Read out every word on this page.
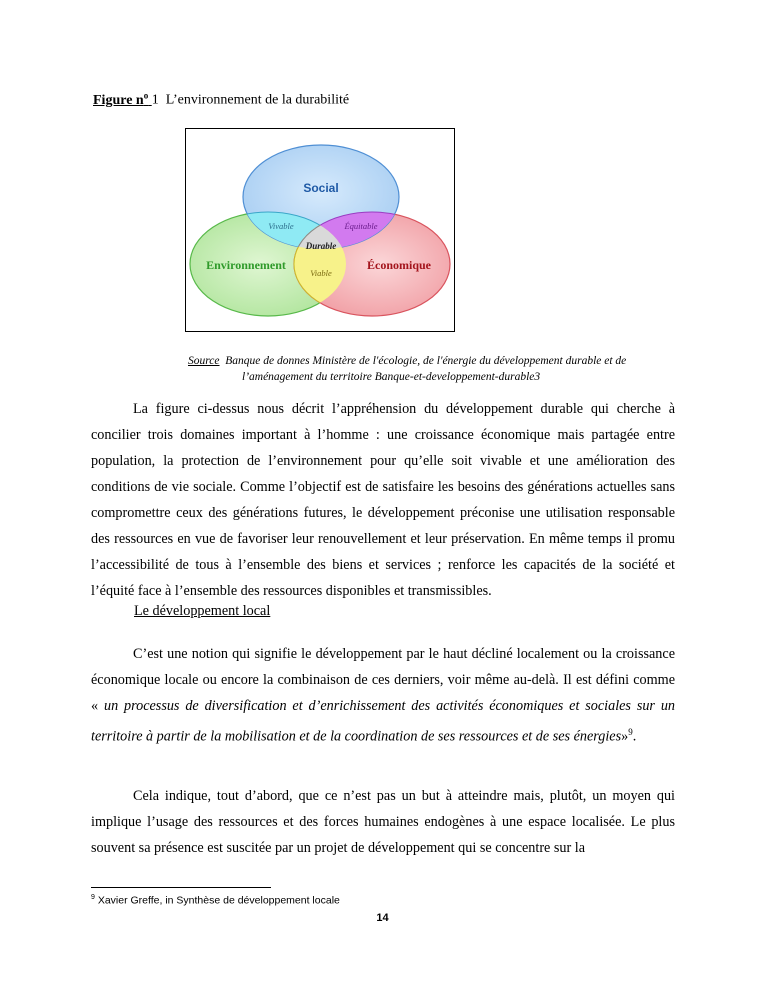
Figure $n^o$ 1 L’environnement de la durabilité
Social
Environnement	Économique
Vivable	Équitable
Viable
Durable
Source Banque de donnes Ministère de l'écologie, de l'énergie du développement durable et de
l’aménagement du territoire Banque-et-developpement-durable3

La figure ci-dessus nous décrit l’appréhension du développement durable qui cherche à concilier trois domaines important à l’homme : une croissance économique mais partagée entre population, la protection de l’environnement pour qu’elle soit vivable et une amélioration des conditions de vie sociale. Comme l’objectif est de satisfaire les besoins des générations actuelles sans compromettre ceux des générations futures, le développement préconise une utilisation responsable des ressources en vue de favoriser leur renouvellement et leur préservation. En même temps il promu l’accessibilité de tous à l’ensemble des biens et services ; renforce les capacités de la société et l’équité face à l’ensemble des ressources disponibles et transmissibles.

Le développement local

C’est une notion qui signifie le développement par le haut décliné localement ou la croissance économique locale ou encore la combinaison de ces derniers, voir même au-delà. Il est défini comme « un processus de diversification et d’enrichissement des activités économiques et sociales sur un territoire à partir de la mobilisation et de la coordination de ses ressources et de ses énergies»$^9$.

Cela indique, tout d’abord, que ce n’est pas un but à atteindre mais, plutôt, un moyen qui implique l’usage des ressources et des forces humaines endogènes à une espace localisée. Le plus souvent sa présence est suscitée par un projet de développement qui se concentre sur la

$^9$ Xavier Greffe, in Synthèse de développement locale
14
